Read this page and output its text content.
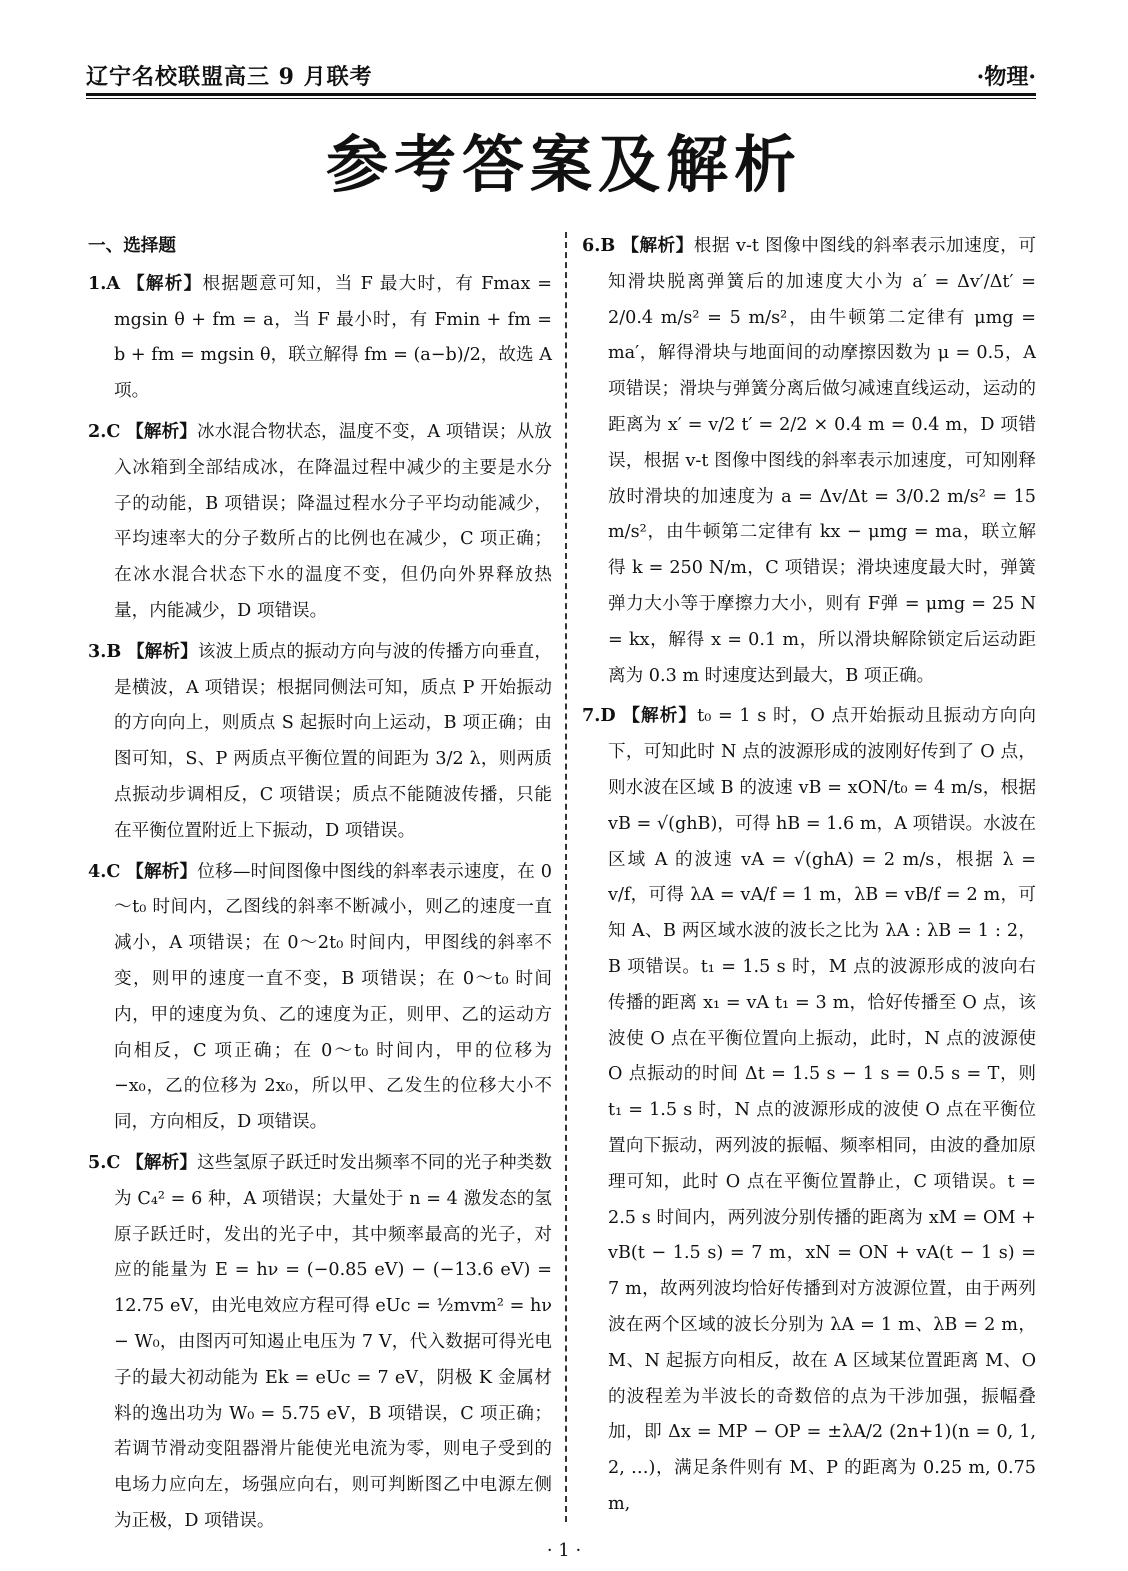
辽宁名校联盟高三 9 月联考	·物理·
参考答案及解析
一、选择题
1.A 【解析】根据题意可知，当 F 最大时，有 Fmax = mgsin θ + fm = a，当 F 最小时，有 Fmin + fm = b + fm = mgsin θ，联立解得 fm = (a−b)/2，故选 A 项。
2.C 【解析】冰水混合物状态，温度不变，A 项错误；从放入冰箱到全部结成冰，在降温过程中减少的主要是水分子的动能，B 项错误；降温过程水分子平均动能减少，平均速率大的分子数所占的比例也在减少，C 项正确；在冰水混合状态下水的温度不变，但仍向外界释放热量，内能减少，D 项错误。
3.B 【解析】该波上质点的振动方向与波的传播方向垂直，是横波，A 项错误；根据同侧法可知，质点 P 开始振动的方向向上，则质点 S 起振时向上运动，B 项正确；由图可知，S、P 两质点平衡位置的间距为 3/2 λ，则两质点振动步调相反，C 项错误；质点不能随波传播，只能在平衡位置附近上下振动，D 项错误。
4.C 【解析】位移—时间图像中图线的斜率表示速度，在 0～t₀ 时间内，乙图线的斜率不断减小，则乙的速度一直减小，A 项错误；在 0～2t₀ 时间内，甲图线的斜率不变，则甲的速度一直不变，B 项错误；在 0～t₀ 时间内，甲的速度为负、乙的速度为正，则甲、乙的运动方向相反，C 项正确；在 0～t₀ 时间内，甲的位移为 −x₀，乙的位移为 2x₀，所以甲、乙发生的位移大小不同，方向相反，D 项错误。
5.C 【解析】这些氢原子跃迁时发出频率不同的光子种类数为 C₄² = 6 种，A 项错误；大量处于 n = 4 激发态的氢原子跃迁时，发出的光子中，其中频率最高的光子，对应的能量为 E = hν = (−0.85 eV) − (−13.6 eV) = 12.75 eV，由光电效应方程可得 eUc = ½mvm² = hν − W₀，由图丙可知遏止电压为 7 V，代入数据可得光电子的最大初动能为 Ek = eUc = 7 eV，阴极 K 金属材料的逸出功为 W₀ = 5.75 eV，B 项错误，C 项正确；若调节滑动变阻器滑片能使光电流为零，则电子受到的电场力应向左，场强应向右，则可判断图乙中电源左侧为正极，D 项错误。
6.B 【解析】根据 v-t 图像中图线的斜率表示加速度，可知滑块脱离弹簧后的加速度大小为 a′ = Δv′/Δt′ = 2/0.4 m/s² = 5 m/s²，由牛顿第二定律有 μmg = ma′，解得滑块与地面间的动摩擦因数为 μ = 0.5，A 项错误；滑块与弹簧分离后做匀减速直线运动，运动的距离为 x′ = v/2 t′ = 2/2 × 0.4 m = 0.4 m，D 项错误，根据 v-t 图像中图线的斜率表示加速度，可知刚释放时滑块的加速度为 a = Δv/Δt = 3/0.2 m/s² = 15 m/s²，由牛顿第二定律有 kx − μmg = ma，联立解得 k = 250 N/m，C 项错误；滑块速度最大时，弹簧弹力大小等于摩擦力大小，则有 F弹 = μmg = 25 N = kx，解得 x = 0.1 m，所以滑块解除锁定后运动距离为 0.3 m 时速度达到最大，B 项正确。
7.D 【解析】t₀ = 1 s 时，O 点开始振动且振动方向向下，可知此时 N 点的波源形成的波刚好传到了 O 点，则水波在区域 B 的波速 vB = xON/t₀ = 4 m/s，根据 vB = √(ghB)，可得 hB = 1.6 m，A 项错误。水波在区域 A 的波速 vA = √(ghA) = 2 m/s，根据 λ = v/f，可得 λA = vA/f = 1 m，λB = vB/f = 2 m，可知 A、B 两区域水波的波长之比为 λA : λB = 1 : 2，B 项错误。t₁ = 1.5 s 时，M 点的波源形成的波向右传播的距离 x₁ = vA t₁ = 3 m，恰好传播至 O 点，该波使 O 点在平衡位置向上振动，此时，N 点的波源使 O 点振动的时间 Δt = 1.5 s − 1 s = 0.5 s = T，则 t₁ = 1.5 s 时，N 点的波源形成的波使 O 点在平衡位置向下振动，两列波的振幅、频率相同，由波的叠加原理可知，此时 O 点在平衡位置静止，C 项错误。t = 2.5 s 时间内，两列波分别传播的距离为 xM = OM + vB(t − 1.5 s) = 7 m，xN = ON + vA(t − 1 s) = 7 m，故两列波均恰好传播到对方波源位置，由于两列波在两个区域的波长分别为 λA = 1 m、λB = 2 m，M、N 起振方向相反，故在 A 区域某位置距离 M、O 的波程差为半波长的奇数倍的点为干涉加强，振幅叠加，即 Δx = MP − OP = ±λA/2 (2n+1)(n = 0, 1, 2, …)，满足条件则有 M、P 的距离为 0.25 m, 0.75 m,
· 1 ·
